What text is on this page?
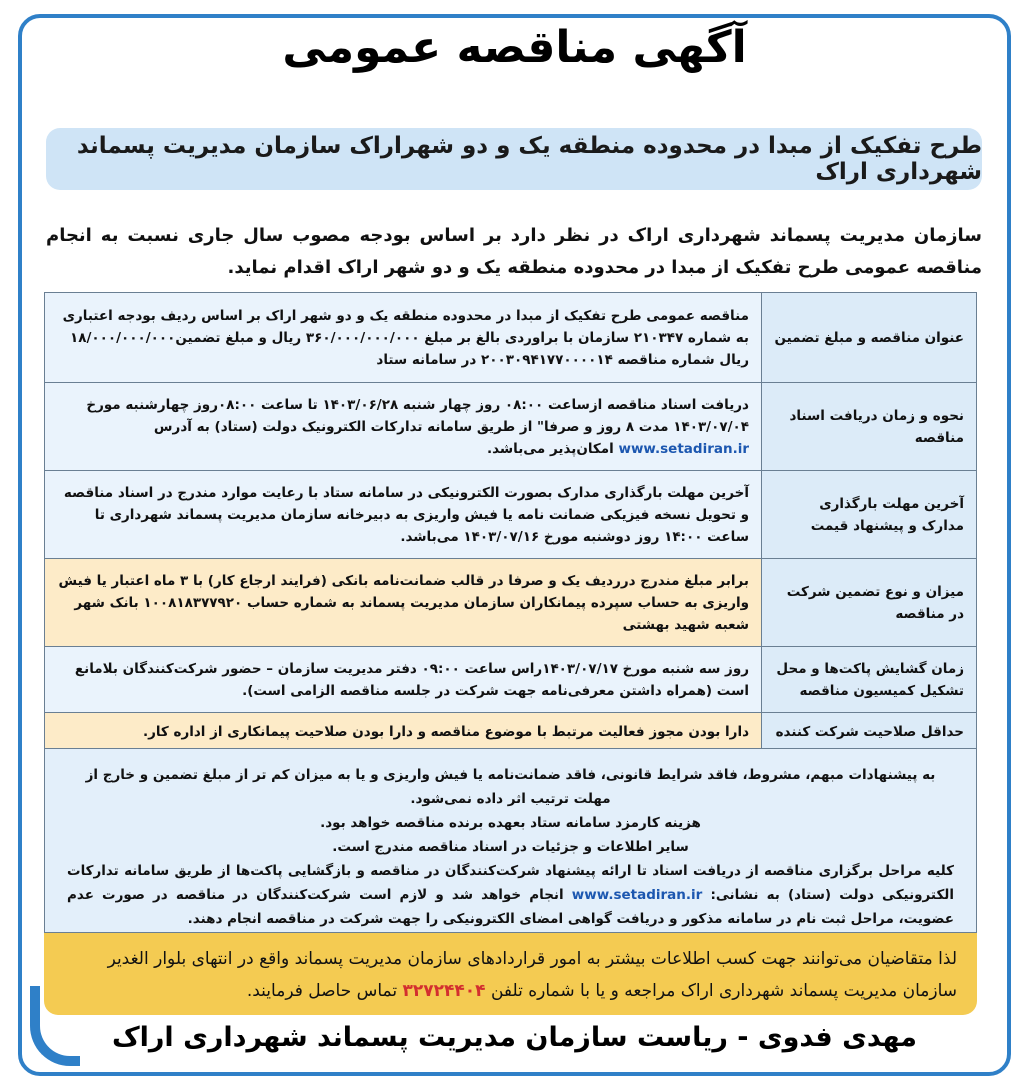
آگهی مناقصه عمومی
طرح تفکیک از مبدا در محدوده منطقه یک و دو شهراراک سازمان مدیریت پسماند شهرداری اراک
سازمان مدیریت پسماند شهرداری اراک در نظر دارد بر اساس بودجه مصوب سال جاری نسبت به انجام مناقصه عمومی طرح تفکیک از مبدا در محدوده منطقه یک و دو شهر اراک اقدام نماید.
عنوان مناقصه و مبلغ تضمین	مناقصه عمومی طرح تفکیک از مبدا در محدوده منطقه یک و دو شهر اراک بر اساس ردیف بودجه اعتباری به شماره ۲۱۰۳۴۷ سازمان با براوردی بالغ بر مبلغ ۳۶۰/۰۰۰/۰۰۰/۰۰۰ ریال و مبلغ تضمین۱۸/۰۰۰/۰۰۰/۰۰۰ ریال شماره مناقصه ۲۰۰۳۰۹۴۱۷۷۰۰۰۰۱۴ در سامانه ستاد
نحوه و زمان دریافت اسناد مناقصه	دریافت اسناد مناقصه ازساعت ۰۸:۰۰ روز چهار شنبه ۱۴۰۳/۰۶/۲۸ تا ساعت ۰۸:۰۰روز چهارشنبه مورخ ۱۴۰۳/۰۷/۰۴ مدت ۸ روز و صرفا" از طریق سامانه تدارکات الکترونیک دولت (ستاد) به آدرس www.setadiran.ir امکان‌پذیر می‌باشد.
آخرین مهلت بارگذاری مدارک و پیشنهاد قیمت	آخرین مهلت بارگذاری مدارک بصورت الکترونیکی در سامانه ستاد با رعایت موارد مندرج در اسناد مناقصه و تحویل نسخه فیزیکی ضمانت نامه یا فیش واریزی به دبیرخانه سازمان مدیریت پسماند شهرداری تا ساعت ۱۴:۰۰ روز دوشنبه مورخ ۱۴۰۳/۰۷/۱۶ می‌باشد.
میزان و نوع تضمین شرکت در مناقصه	برابر مبلغ مندرج درردیف یک و صرفا در قالب ضمانت‌نامه بانکی (فرایند ارجاع کار) با ۳ ماه اعتبار یا فیش واریزی به حساب سپرده پیمانکاران سازمان مدیریت پسماند به شماره حساب ۱۰۰۸۱۸۳۷۷۹۲۰ بانک شهر شعبه شهید بهشتی
زمان گشایش پاکت‌ها و محل تشکیل کمیسیون مناقصه	روز سه شنبه مورخ ۱۴۰۳/۰۷/۱۷راس ساعت ۰۹:۰۰ دفتر مدیریت سازمان – حضور شرکت‌کنندگان بلامانع است (همراه داشتن معرفی‌نامه جهت شرکت در جلسه مناقصه الزامی است).
حداقل صلاحیت شرکت کننده	دارا بودن مجوز فعالیت مرتبط با موضوع مناقصه و دارا بودن صلاحیت پیمانکاری از اداره کار.

به پیشنهادات مبهم، مشروط، فاقد شرایط قانونی، فاقد ضمانت‌نامه یا فیش واریزی و یا به میزان کم تر از مبلغ تضمین و خارج از مهلت ترتیب اثر داده نمی‌شود.

هزینه کارمزد سامانه ستاد بعهده برنده مناقصه خواهد بود.

سایر اطلاعات و جزئیات در اسناد مناقصه مندرج است.

کلیه مراحل برگزاری مناقصه از دریافت اسناد تا ارائه پیشنهاد شرکت‌کنندگان در مناقصه و بازگشایی پاکت‌ها از طریق سامانه تدارکات الکترونیکی دولت (ستاد) به نشانی: www.setadiran.ir انجام خواهد شد و لازم است شرکت‌کنندگان در مناقصه در صورت عدم عضویت، مراحل ثبت نام در سامانه مذکور و دریافت گواهی امضای الکترونیکی را جهت شرکت در مناقصه انجام دهند.

لذا متقاضیان می‌توانند جهت کسب اطلاعات بیشتر به امور قراردادهای سازمان مدیریت پسماند واقع در انتهای بلوار الغدیر سازمان مدیریت پسماند شهرداری اراک مراجعه و یا با شماره تلفن ۳۲۷۲۴۴۰۴ تماس حاصل فرمایند.
مهدی فدوی - ریاست سازمان مدیریت پسماند شهرداری اراک
